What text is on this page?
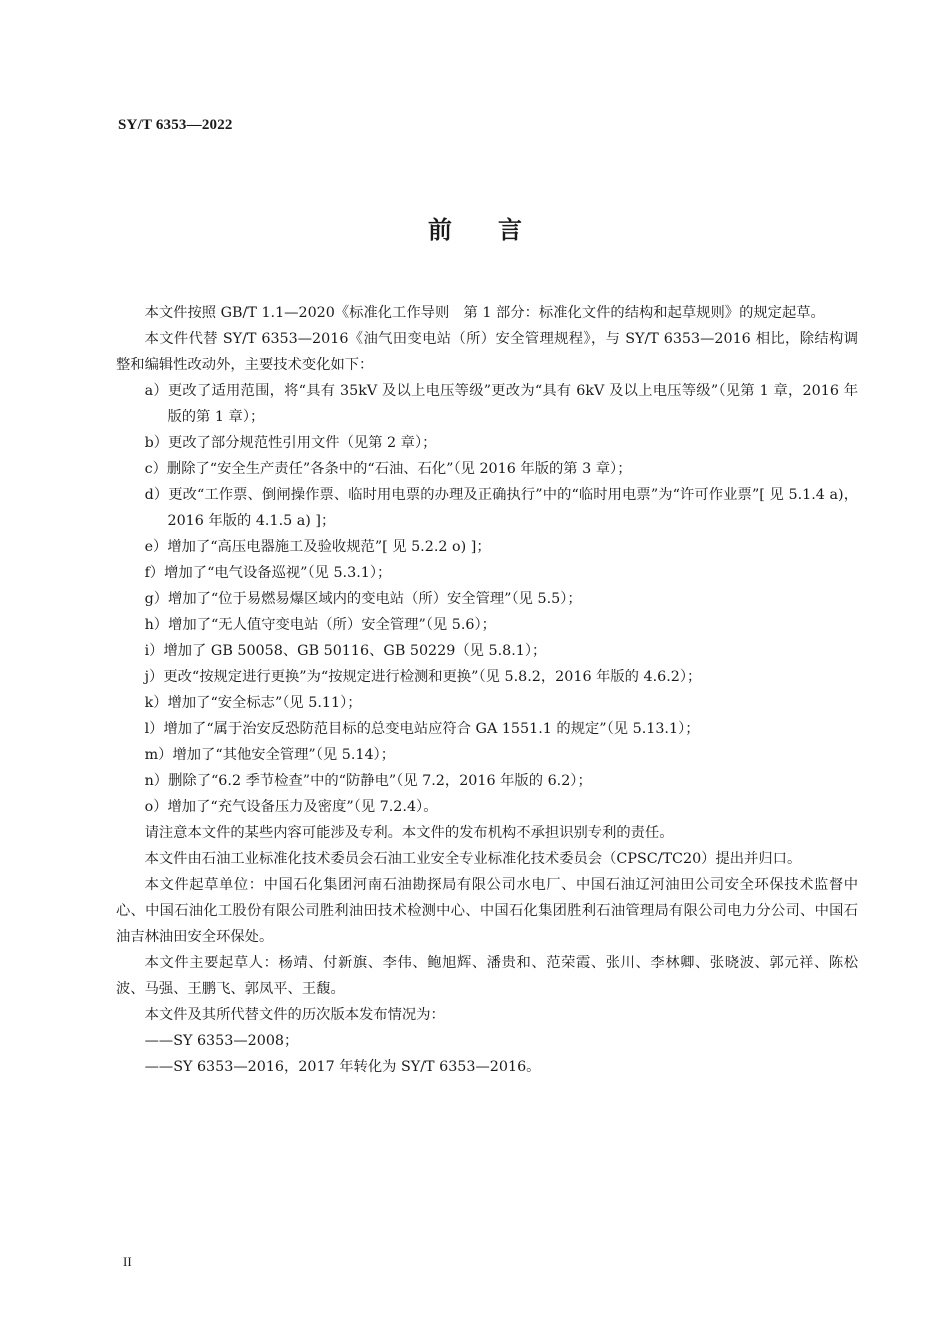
SY/T 6353—2022
前 言

本文件按照 GB/T 1.1—2020《标准化工作导则　第 1 部分：标准化文件的结构和起草规则》的规定起草。

本文件代替 SY/T 6353—2016《油气田变电站（所）安全管理规程》，与 SY/T 6353—2016 相比，除结构调整和编辑性改动外，主要技术变化如下：

a）更改了适用范围，将“具有 35kV 及以上电压等级”更改为“具有 6kV 及以上电压等级”（见第 1 章，2016 年版的第 1 章）；

b）更改了部分规范性引用文件（见第 2 章）；

c）删除了“安全生产责任”各条中的“石油、石化”（见 2016 年版的第 3 章）；

d）更改“工作票、倒闸操作票、临时用电票的办理及正确执行”中的“临时用电票”为“许可作业票”[ 见 5.1.4 a)，2016 年版的 4.1.5 a) ]；

e）增加了“高压电器施工及验收规范”[ 见 5.2.2 o) ]；

f）增加了“电气设备巡视”（见 5.3.1）；

g）增加了“位于易燃易爆区域内的变电站（所）安全管理”（见 5.5）；

h）增加了“无人值守变电站（所）安全管理”（见 5.6）；

i）增加了 GB 50058、GB 50116、GB 50229（见 5.8.1）；

j）更改“按规定进行更换”为“按规定进行检测和更换”（见 5.8.2，2016 年版的 4.6.2）；

k）增加了“安全标志”（见 5.11）；

l）增加了“属于治安反恐防范目标的总变电站应符合 GA 1551.1 的规定”（见 5.13.1）；

m）增加了“其他安全管理”（见 5.14）；

n）删除了“6.2 季节检查”中的“防静电”（见 7.2，2016 年版的 6.2）；

o）增加了“充气设备压力及密度”（见 7.2.4）。

请注意本文件的某些内容可能涉及专利。本文件的发布机构不承担识别专利的责任。

本文件由石油工业标准化技术委员会石油工业安全专业标准化技术委员会（CPSC/TC20）提出并归口。

本文件起草单位：中国石化集团河南石油勘探局有限公司水电厂、中国石油辽河油田公司安全环保技术监督中心、中国石油化工股份有限公司胜利油田技术检测中心、中国石化集团胜利石油管理局有限公司电力分公司、中国石油吉林油田安全环保处。

本文件主要起草人：杨靖、付新旗、李伟、鲍旭辉、潘贵和、范荣霞、张川、李林卿、张晓波、郭元祥、陈松波、马强、王鹏飞、郭凤平、王馥。

本文件及其所代替文件的历次版本发布情况为：

——SY 6353—2008；

——SY 6353—2016，2017 年转化为 SY/T 6353—2016。

II
